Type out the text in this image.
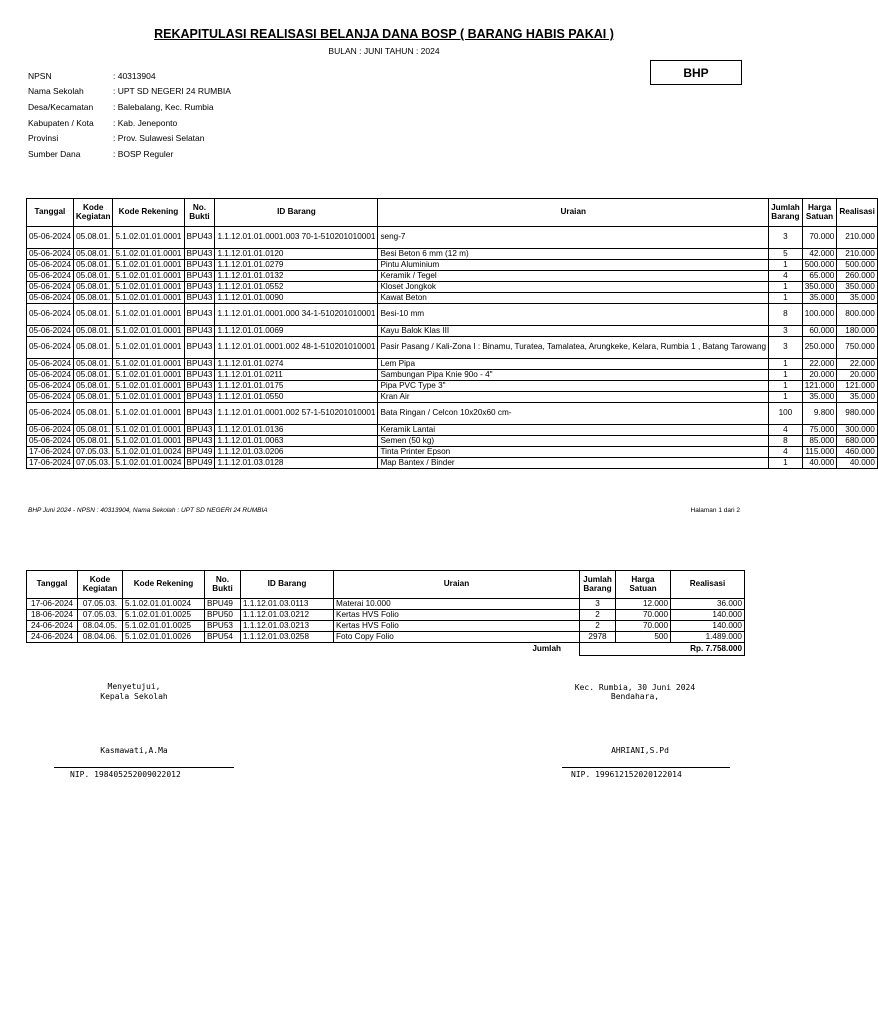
REKAPITULASI REALISASI BELANJA DANA BOSP ( BARANG HABIS PAKAI )
BULAN : JUNI TAHUN : 2024
BHP
NPSN	: 40313904
Nama Sekolah	: UPT SD NEGERI 24 RUMBIA
Desa/Kecamatan	: Balebalang, Kec. Rumbia
Kabupaten / Kota	: Kab. Jeneponto
Provinsi	: Prov. Sulawesi Selatan
Sumber Dana	: BOSP Reguler
Tanggal	Kode Kegiatan	Kode Rekening	No. Bukti	ID Barang	Uraian	Jumlah Barang	Harga Satuan	Realisasi
05-06-2024	05.08.01.	5.1.02.01.01.0001	BPU43	1.1.12.01.01.0001.003 70-1-510201010001	seng-7	3	70.000	210.000
05-06-2024	05.08.01.	5.1.02.01.01.0001	BPU43	1.1.12.01.01.0120	Besi Beton 6 mm (12 m)	5	42.000	210.000
05-06-2024	05.08.01.	5.1.02.01.01.0001	BPU43	1.1.12.01.01.0279	Pintu Aluminium	1	500.000	500.000
05-06-2024	05.08.01.	5.1.02.01.01.0001	BPU43	1.1.12.01.01.0132	Keramik / Tegel	4	65.000	260.000
05-06-2024	05.08.01.	5.1.02.01.01.0001	BPU43	1.1.12.01.01.0552	Kloset Jongkok	1	350.000	350.000
05-06-2024	05.08.01.	5.1.02.01.01.0001	BPU43	1.1.12.01.01.0090	Kawat Beton	1	35.000	35.000
05-06-2024	05.08.01.	5.1.02.01.01.0001	BPU43	1.1.12.01.01.0001.000 34-1-510201010001	Besi-10 mm	8	100.000	800.000
05-06-2024	05.08.01.	5.1.02.01.01.0001	BPU43	1.1.12.01.01.0069	Kayu Balok Klas III	3	60.000	180.000
05-06-2024	05.08.01.	5.1.02.01.01.0001	BPU43	1.1.12.01.01.0001.002 48-1-510201010001	Pasir Pasang / Kali-Zona I : Binamu, Turatea, Tamalatea, Arungkeke, Kelara, Rumbia 1 , Batang Tarowang	3	250.000	750.000
05-06-2024	05.08.01.	5.1.02.01.01.0001	BPU43	1.1.12.01.01.0274	Lem Pipa	1	22.000	22.000
05-06-2024	05.08.01.	5.1.02.01.01.0001	BPU43	1.1.12.01.01.0211	Sambungan Pipa Knie 90o - 4"	1	20.000	20.000
05-06-2024	05.08.01.	5.1.02.01.01.0001	BPU43	1.1.12.01.01.0175	Pipa PVC Type 3"	1	121.000	121.000
05-06-2024	05.08.01.	5.1.02.01.01.0001	BPU43	1.1.12.01.01.0550	Kran Air	1	35.000	35.000
05-06-2024	05.08.01.	5.1.02.01.01.0001	BPU43	1.1.12.01.01.0001.002 57-1-510201010001	Bata Ringan / Celcon 10x20x60 cm-	100	9.800	980.000
05-06-2024	05.08.01.	5.1.02.01.01.0001	BPU43	1.1.12.01.01.0136	Keramik Lantai	4	75.000	300.000
05-06-2024	05.08.01.	5.1.02.01.01.0001	BPU43	1.1.12.01.01.0063	Semen (50 kg)	8	85.000	680.000
17-06-2024	07.05.03.	5.1.02.01.01.0024	BPU49	1.1.12.01.03.0206	Tinta Printer Epson	4	115.000	460.000
17-06-2024	07.05.03.	5.1.02.01.01.0024	BPU49	1.1.12.01.03.0128	Map Bantex / Binder	1	40.000	40.000
BHP Juni 2024 - NPSN : 40313904, Nama Sekolah : UPT SD NEGERI 24 RUMBIA	Halaman 1 dari 2
Tanggal	Kode Kegiatan	Kode Rekening	No. Bukti	ID Barang	Uraian	Jumlah Barang	Harga Satuan	Realisasi
17-06-2024	07.05.03.	5.1.02.01.01.0024	BPU49	1.1.12.01.03.0113	Materai 10.000	3	12.000	36.000
18-06-2024	07.05.03.	5.1.02.01.01.0025	BPU50	1.1.12.01.03.0212	Kertas HVS Folio	2	70.000	140.000
24-06-2024	08.04.05.	5.1.02.01.01.0025	BPU53	1.1.12.01.03.0213	Kertas HVS Folio	2	70.000	140.000
24-06-2024	08.04.06.	5.1.02.01.01.0026	BPU54	1.1.12.01.03.0258	Foto Copy Folio	2978	500	1.489.000
Jumlah						Rp. 7.758.000		
Menyetujui,
Kepala Sekolah
Kec. Rumbia, 30 Juni 2024
Bendahara,
Kasmawati,A.Ma	AHRIANI,S.Pd
NIP. 198405252009022012	NIP. 199612152020122014
